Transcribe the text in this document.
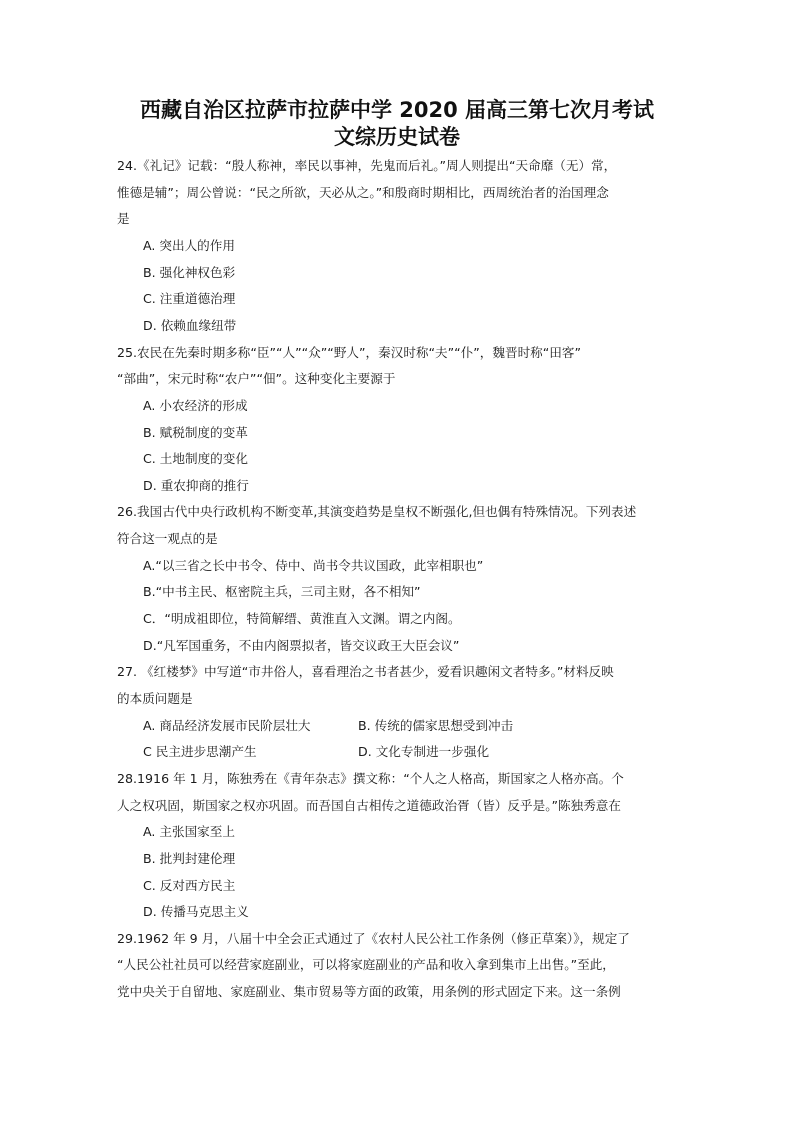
西藏自治区拉萨市拉萨中学 2020 届高三第七次月考试
文综历史试卷
24.《礼记》记载：“殷人称神，率民以事神，先鬼而后礼。”周人则提出“天命靡（无）常，
惟德是辅”；周公曾说：“民之所欲，天必从之。”和殷商时期相比，西周统治者的治国理念
是
A. 突出人的作用
B. 强化神权色彩
C. 注重道德治理
D. 依赖血缘纽带
25.农民在先秦时期多称“臣”“人”“众”“野人”，秦汉时称“夫”“仆”，魏晋时称“田客”
“部曲”，宋元时称“农户”“佃”。这种变化主要源于
A. 小农经济的形成
B. 赋税制度的变革
C. 土地制度的变化
D. 重农抑商的推行
26.我国古代中央行政机构不断变革,其演变趋势是皇权不断强化,但也偶有特殊情况。下列表述
符合这一观点的是
A.“以三省之长中书令、侍中、尚书令共议国政，此宰相职也”
B.“中书主民、枢密院主兵，三司主财，各不相知”
C．“明成祖即位，特简解缙、黄淮直入文渊。谓之内阁。
D.“凡军国重务，不由内阁票拟者，皆交议政王大臣会议”
27. 《红楼梦》中写道“市井俗人，喜看理治之书者甚少，爱看识趣闲文者特多。”材料反映
的本质问题是
A. 商品经济发展市民阶层壮大	B. 传统的儒家思想受到冲击
C 民主进步思潮产生	D. 文化专制进一步强化
28.1916 年 1 月，陈独秀在《青年杂志》撰文称：“个人之人格高，斯国家之人格亦高。个
人之权巩固，斯国家之权亦巩固。而吾国自古相传之道德政治胥（皆）反乎是。”陈独秀意在
A. 主张国家至上
B. 批判封建伦理
C. 反对西方民主
D. 传播马克思主义
29.1962 年 9 月，八届十中全会正式通过了《农村人民公社工作条例（修正草案）》，规定了
“人民公社社员可以经营家庭副业，可以将家庭副业的产品和收入拿到集市上出售。”至此，
党中央关于自留地、家庭副业、集市贸易等方面的政策，用条例的形式固定下来。这一条例
